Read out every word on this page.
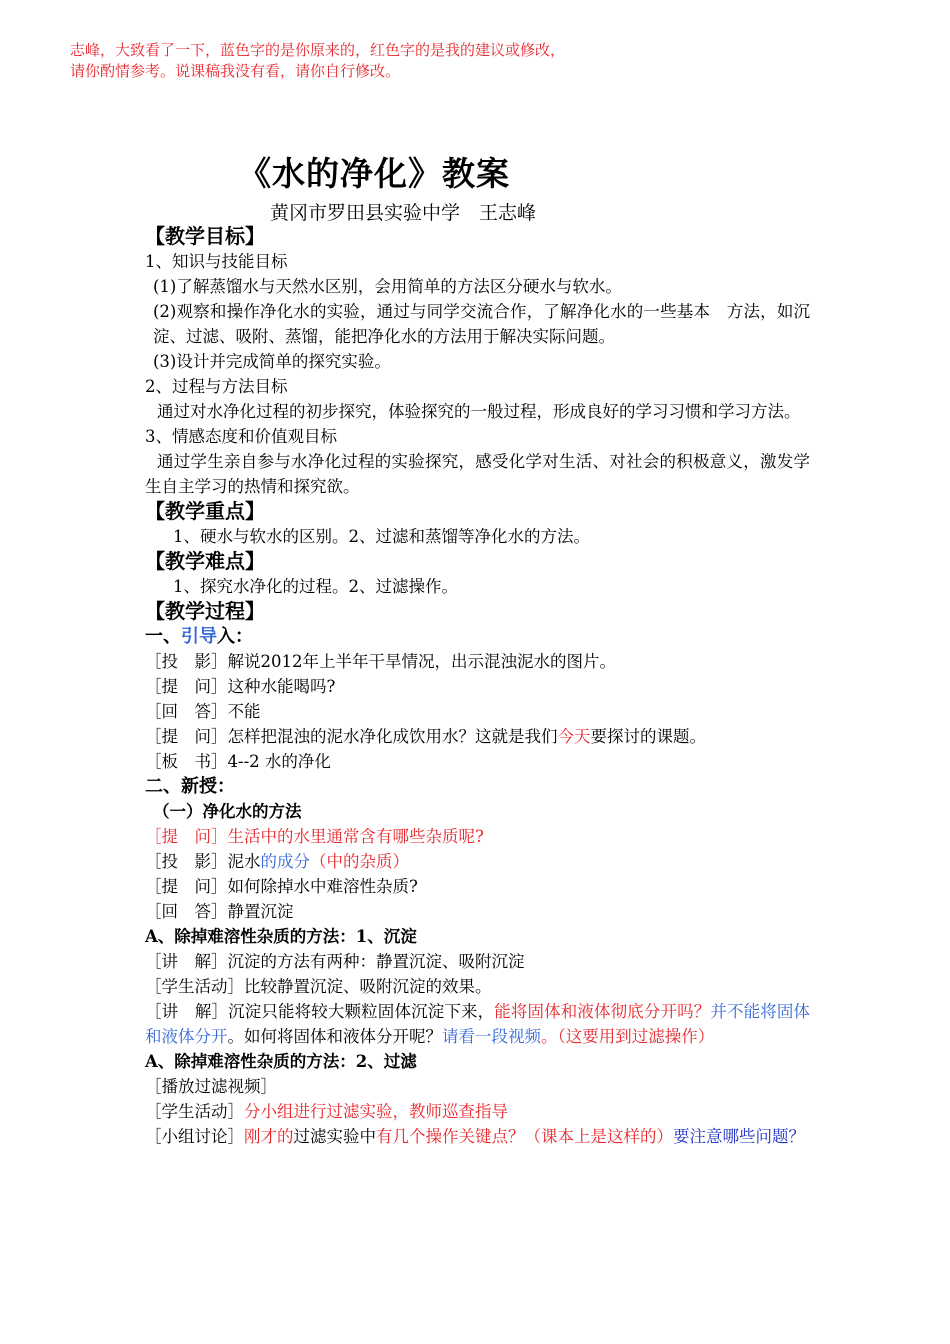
志峰，大致看了一下，蓝色字的是你原来的，红色字的是我的建议或修改，请你酌情参考。说课稿我没有看，请你自行修改。
《水的净化》教案

黄冈市罗田县实验中学　王志峰

【教学目标】

1、知识与技能目标

(1)了解蒸馏水与天然水区别，会用简单的方法区分硬水与软水。

(2)观察和操作净化水的实验，通过与同学交流合作，了解净化水的一些基本　方法，如沉淀、过滤、吸附、蒸馏，能把净化水的方法用于解决实际问题。

(3)设计并完成简单的探究实验。

2、过程与方法目标

通过对水净化过程的初步探究，体验探究的一般过程，形成良好的学习习惯和学习方法。

3、情感态度和价值观目标

通过学生亲自参与水净化过程的实验探究，感受化学对生活、对社会的积极意义，激发学生自主学习的热情和探究欲。

【教学重点】

1、硬水与软水的区别。2、过滤和蒸馏等净化水的方法。

【教学难点】

1、探究水净化的过程。2、过滤操作。

【教学过程】

一、引导入：

［投　影］解说2012年上半年干旱情况，出示混浊泥水的图片。

［提　问］这种水能喝吗?

［回　答］不能

［提　问］怎样把混浊的泥水净化成饮用水？这就是我们今天要探讨的课题。

［板　书］4--2 水的净化

二、新授：

（一）净化水的方法

［提　问］生活中的水里通常含有哪些杂质呢?

［投　影］泥水的成分（中的杂质）

［提　问］如何除掉水中难溶性杂质?

［回　答］静置沉淀

A、除掉难溶性杂质的方法：1、沉淀

［讲　解］沉淀的方法有两种：静置沉淀、吸附沉淀

［学生活动］比较静置沉淀、吸附沉淀的效果。

［讲　解］沉淀只能将较大颗粒固体沉淀下来，能将固体和液体彻底分开吗？并不能将固体和液体分开。如何将固体和液体分开呢？请看一段视频。（这要用到过滤操作）

A、除掉难溶性杂质的方法：2、过滤

［播放过滤视频］

［学生活动］分小组进行过滤实验，教师巡查指导

［小组讨论］刚才的过滤实验中有几个操作关键点？（课本上是这样的）要注意哪些问题？
